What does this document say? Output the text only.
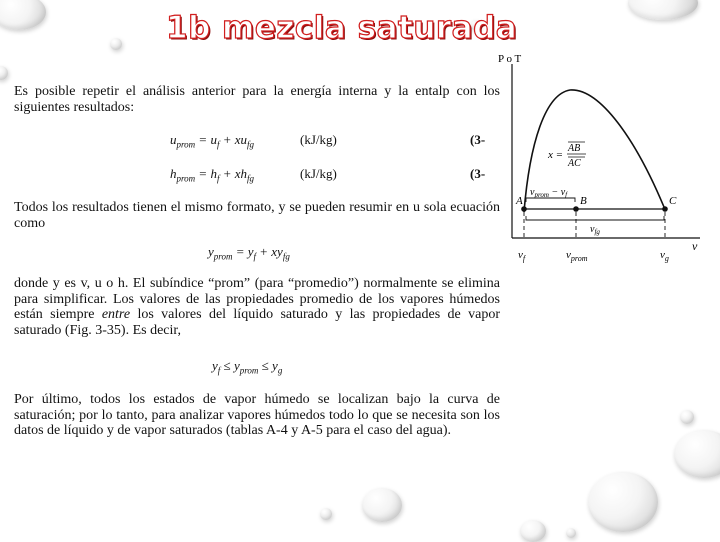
1b mezcla saturada

Es posible repetir el análisis anterior para la energía interna y la entalp con los siguientes resultados:

$u_{prom} = u_f + xu_{fg}$	(kJ/kg)	(3-
$h_{prom} = h_f + xh_{fg}$	(kJ/kg)	(3-

Todos los resultados tienen el mismo formato, y se pueden resumir en u sola ecuación como

$y_{prom} = y_f + xy_{fg}$

donde y es v, u o h. El subíndice “prom” (para “promedio”) normalmente se elimina para simplificar. Los valores de las propiedades promedio de los vapores húmedos están siempre entre los valores del líquido saturado y las propiedades de vapor saturado (Fig. 3-35). Es decir,

$y_f \le y_{prom} \le y_g$

Por último, todos los estados de vapor húmedo se localizan bajo la curva de saturación; por lo tanto, para analizar vapores húmedos todo lo que se necesita son los datos de líquido y de vapor saturados (tablas A-4 y A-5 para el caso del agua).

P o T
v
A	B	C
$v_{prom} - v_f$
$v_{fg}$
x =
AB
AC
$v_f$	$v_{prom}$	$v_g$
